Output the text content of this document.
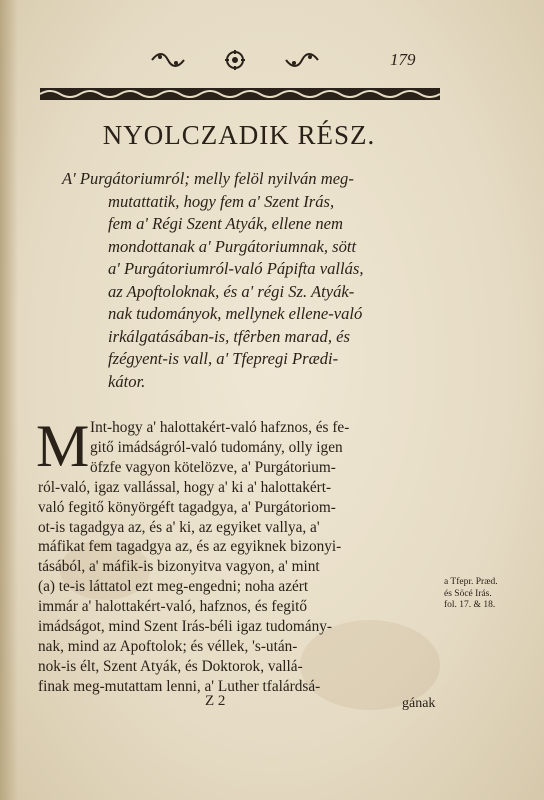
179
NYOLCZADIK RÉSZ.
A' Purgátoriumról; melly felöl nyilván meg-
mutattatik, hogy fem a' Szent Irás,
fem a' Régi Szent Atyák, ellene nem
mondottanak a' Purgátoriumnak, sött
a' Purgátoriumról-való Pápifta vallás,
az Apoftoloknak, és a' régi Sz. Atyák-
nak tudományok, mellynek ellene-való
irkálgatásában-is, tfêrben marad, és
fzégyent-is vall, a' Tfepregi Prædi-
kátor.
M Int-hogy a' halottakért-való hafznos, és fe-
gitő imádságról-való tudomány, olly igen
öfzfe vagyon kötelözve, a' Purgátorium-
ról-való, igaz vallással, hogy a' ki a' halottakért-
való fegitő könyörgéft tagadgya, a' Purgátoriom-
ot-is tagadgya az, és a' ki, az egyiket vallya, a'
máfikat fem tagadgya az, és az egyiknek bizonyi-
tásából, a' máfik-is bizonyitva vagyon, a' mint
(a) te-is láttatol ezt meg-engedni; noha azért
immár a' halottakért-való, hafznos, és fegitő
imádságot, mind Szent Irás-béli igaz tudomány-
nak, mind az Apoftolok; és véllek, 's-után-
nok-is élt, Szent Atyák, és Doktorok, vallá-
finak meg-mutattam lenni, a' Luther tfalárdsá-
a Tfepr. Præd.
és Söcé Irás.
fol. 17. & 18.
Z 2	gának
